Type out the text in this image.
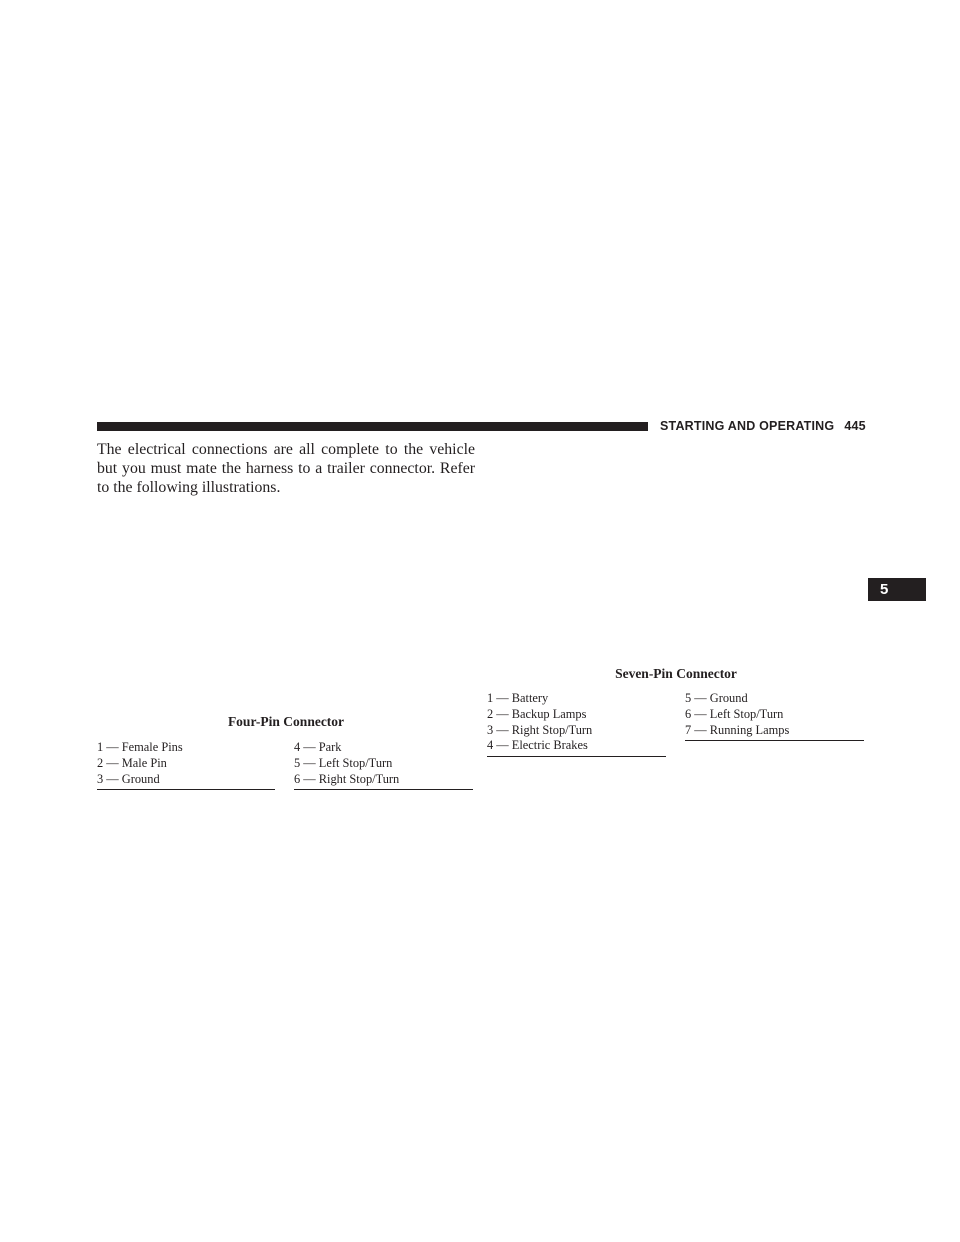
STARTING AND OPERATING 445
5

The electrical connections are all complete to the vehicle but you must mate the harness to a trailer connector. Refer to the following illustrations.

Seven-Pin Connector
1 — Battery
2 — Backup Lamps
3 — Right Stop/Turn
4 — Electric Brakes
5 — Ground
6 — Left Stop/Turn
7 — Running Lamps
Four-Pin Connector
1 — Female Pins
2 — Male Pin
3 — Ground
4 — Park
5 — Left Stop/Turn
6 — Right Stop/Turn
